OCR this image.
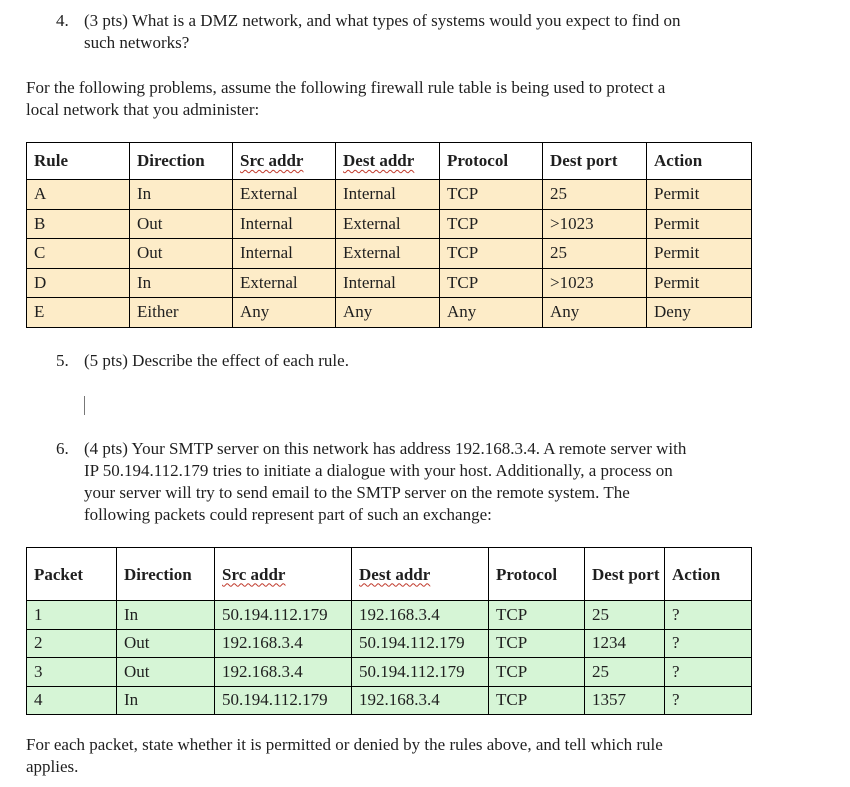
4. (3 pts) What is a DMZ network, and what types of systems would you expect to find on

such networks?

For the following problems, assume the following firewall rule table is being used to protect a

local network that you administer:

Rule	Direction	Src addr	Dest addr	Protocol	Dest port	Action
A	In	External	Internal	TCP	25	Permit
B	Out	Internal	External	TCP	>1023	Permit
C	Out	Internal	External	TCP	25	Permit
D	In	External	Internal	TCP	>1023	Permit
E	Either	Any	Any	Any	Any	Deny

5. (5 pts) Describe the effect of each rule.

6. (4 pts) Your SMTP server on this network has address 192.168.3.4. A remote server with

IP 50.194.112.179 tries to initiate a dialogue with your host. Additionally, a process on

your server will try to send email to the SMTP server on the remote system. The

following packets could represent part of such an exchange:

Packet	Direction	Src addr	Dest addr	Protocol	Dest port	Action
1	In	50.194.112.179	192.168.3.4	TCP	25	?
2	Out	192.168.3.4	50.194.112.179	TCP	1234	?
3	Out	192.168.3.4	50.194.112.179	TCP	25	?
4	In	50.194.112.179	192.168.3.4	TCP	1357	?

For each packet, state whether it is permitted or denied by the rules above, and tell which rule

applies.
